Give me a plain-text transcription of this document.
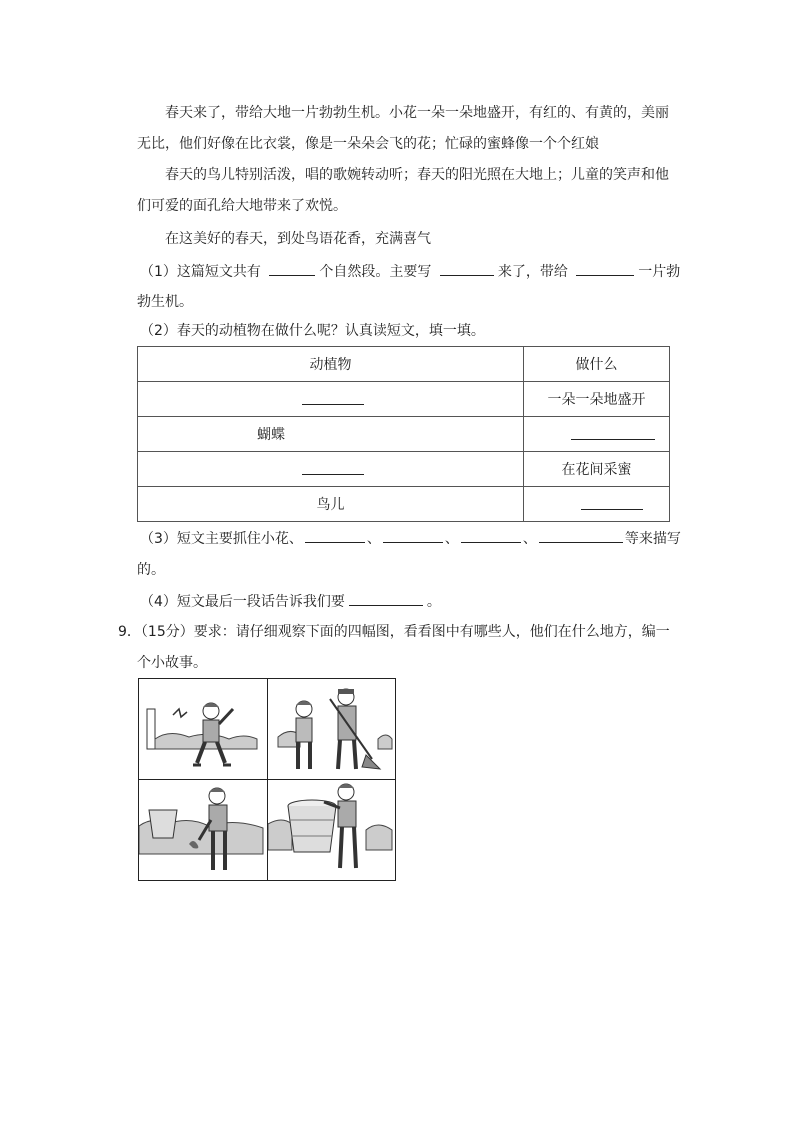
春天来了，带给大地一片勃勃生机。小花一朵一朵地盛开，有红的、有黄的，美丽
无比，他们好像在比衣裳，像是一朵朵会飞的花；忙碌的蜜蜂像一个个红娘
春天的鸟儿特别活泼，唱的歌婉转动听；春天的阳光照在大地上；儿童的笑声和他
们可爱的面孔给大地带来了欢悦。
在这美好的春天，到处鸟语花香，充满喜气
（1）这篇短文共有	个自然段。主要写	来了，带给	一片勃
勃生机。
（2）春天的动植物在做什么呢？认真读短文，填一填。
动植物	做什么
	一朵一朵地盛开
蝴蝶	
	在花间采蜜
鸟儿	
（3）短文主要抓住小花、	、	、	、	等来描写
的。
（4）短文最后一段话告诉我们要	。
9．（15分）要求：请仔细观察下面的四幅图，看看图中有哪些人，他们在什么地方，编一
个小故事。
